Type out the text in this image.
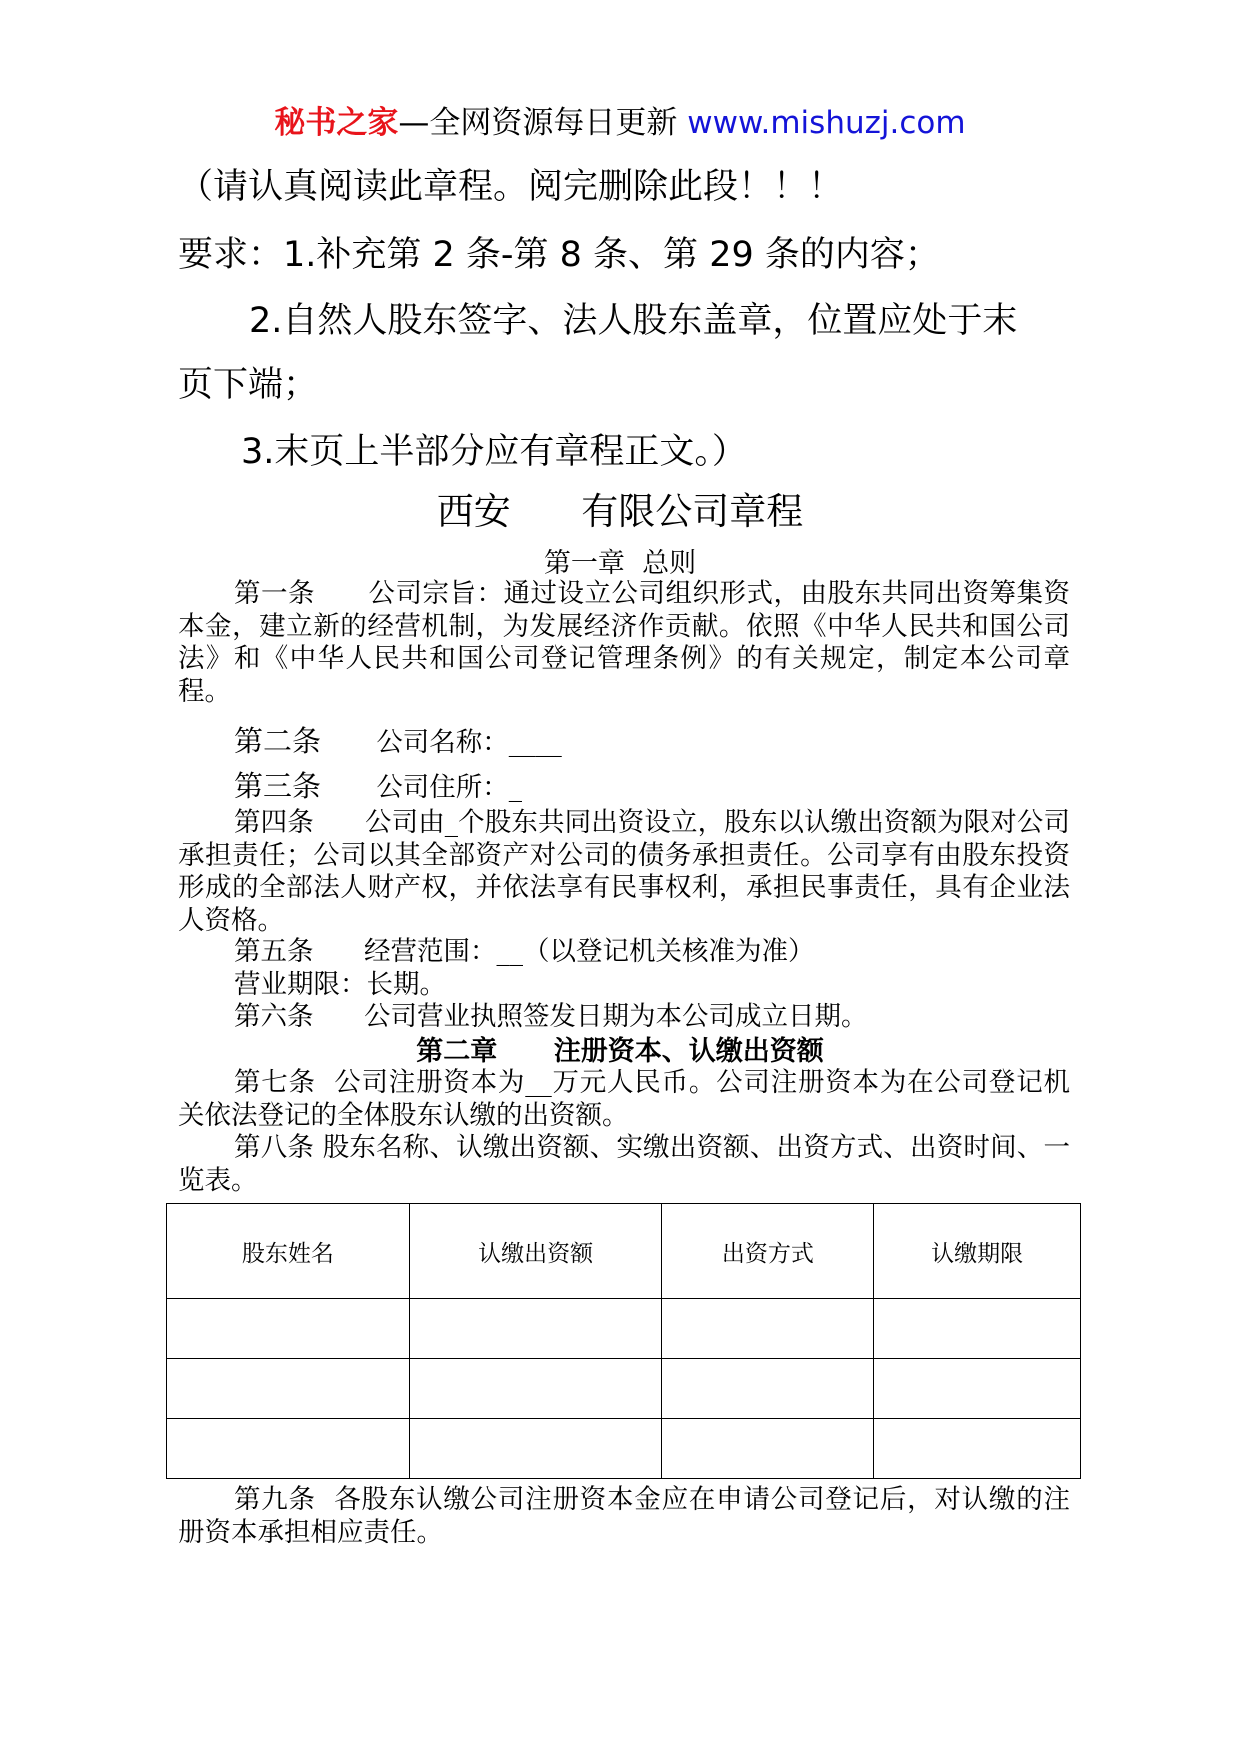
秘书之家—全网资源每日更新 www.mishuzj.com
（请认真阅读此章程。阅完删除此段！！！
要求：1.补充第 2 条-第 8 条、第 29 条的内容；
2.自然人股东签字、法人股东盖章，位置应处于末
页下端；
3.末页上半部分应有章程正文。）
西安      有限公司章程
第一章  总则

第一条      公司宗旨：通过设立公司组织形式，由股东共同出资筹集资本金，建立新的经营机制，为发展经济作贡献。依照《中华人民共和国公司法》和《中华人民共和国公司登记管理条例》的有关规定，制定本公司章程。

第二条      公司名称：____

第三条      公司住所：_

第四条      公司由_个股东共同出资设立，股东以认缴出资额为限对公司承担责任；公司以其全部资产对公司的债务承担责任。公司享有由股东投资形成的全部法人财产权，并依法享有民事权利，承担民事责任，具有企业法人资格。

第五条      经营范围：__（以登记机关核准为准）

营业期限：长期。

第六条      公司营业执照签发日期为本公司成立日期。

第二章      注册资本、认缴出资额

第七条  公司注册资本为__万元人民币。公司注册资本为在公司登记机关依法登记的全体股东认缴的出资额。

第八条 股东名称、认缴出资额、实缴出资额、出资方式、出资时间、一览表。

股东姓名	认缴出资额	出资方式	认缴期限

第九条  各股东认缴公司注册资本金应在申请公司登记后，对认缴的注册资本承担相应责任。
